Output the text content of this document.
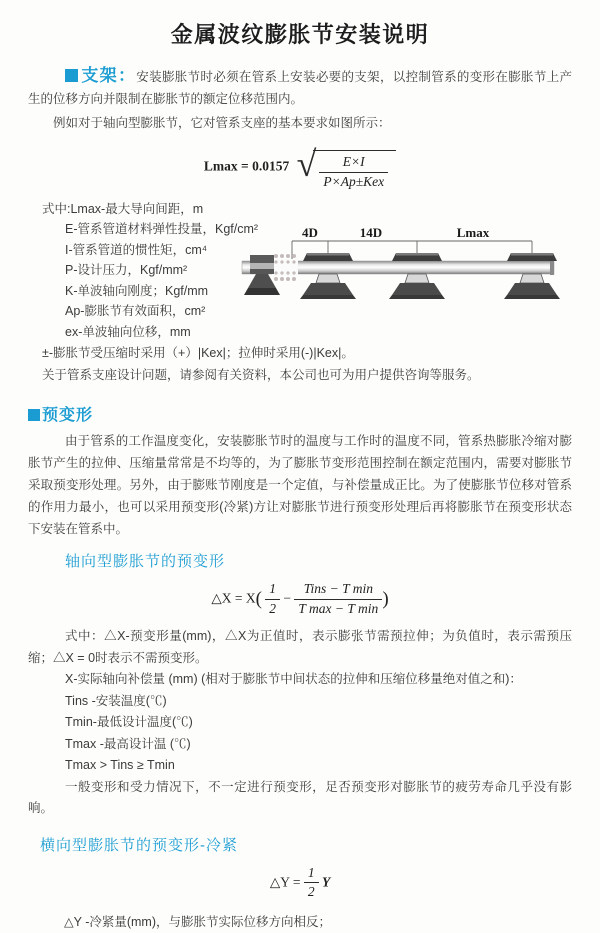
金属波纹膨胀节安装说明

支架：安装膨胀节时必须在管系上安装必要的支架，以控制管系的变形在膨胀节上产生的位移方向并限制在膨胀节的额定位移范围内。

例如对于轴向型膨胀节，它对管系支座的基本要求如图所示：

Lmax = 0.0157 √ $\frac{E\times I}{\text{P×Ap±Kex}}$
式中:Lmax-最大导向间距，m
E-管系管道材料弹性投量，Kgf/cm²
I-管系管道的惯性矩，cm⁴
P-设计压力，Kgf/mm²
K-单波轴向刚度；Kgf/mm
Ap-膨胀节有效面积，cm²
ex-单波轴向位移，mm
4D	14D	Lmax

±-膨胀节受压缩时采用（+）|Kex|；拉伸时采用(-)|Kex|。

关于管系支座设计问题，请参阅有关资料，本公司也可为用户提供咨询等服务。

预变形

由于管系的工作温度变化，安装膨胀节时的温度与工作时的温度不同，管系热膨胀冷缩对膨胀节产生的拉伸、压缩量常常是不均等的，为了膨胀节变形范围控制在额定范围内，需要对膨胀节采取预变形处理。另外，由于膨账节刚度是一个定值，与补偿量成正比。为了使膨胀节位移对管系的作用力最小，也可以采用预变形(冷紧)方让对膨胀节进行预变形处理后再将膨胀节在预变形状态下安装在管系中。

轴向型膨胀节的预变形
△X = $X( \frac{1}{2} - \frac{\text{Tins − T min}}{\text{T max − T min}}$ )
式中：△X-预变形量(mm)，△X为正值时，表示膨张节需预拉伸；为负值时，表示需预压缩；△X = 0时表示不需预变形。
X-实际轴向补偿量 (mm) (相对于膨胀节中间状态的拉伸和压缩位移量绝对值之和)：
Tins -安装温度(℃)
Tmin-最低设计温度(℃)
Tmax -最高设计温 (℃)
Tmax > Tins ≥ Tmin
一般变形和受力情况下，不一定进行预变形，足否预变形对膨胀节的疲劳寿命几乎没有影响。
横向型膨胀节的预变形-冷紧
△Y = $\frac{1}{2}$ Y

△Y -冷紧量(mm)，与膨胀节实际位移方向相反；
